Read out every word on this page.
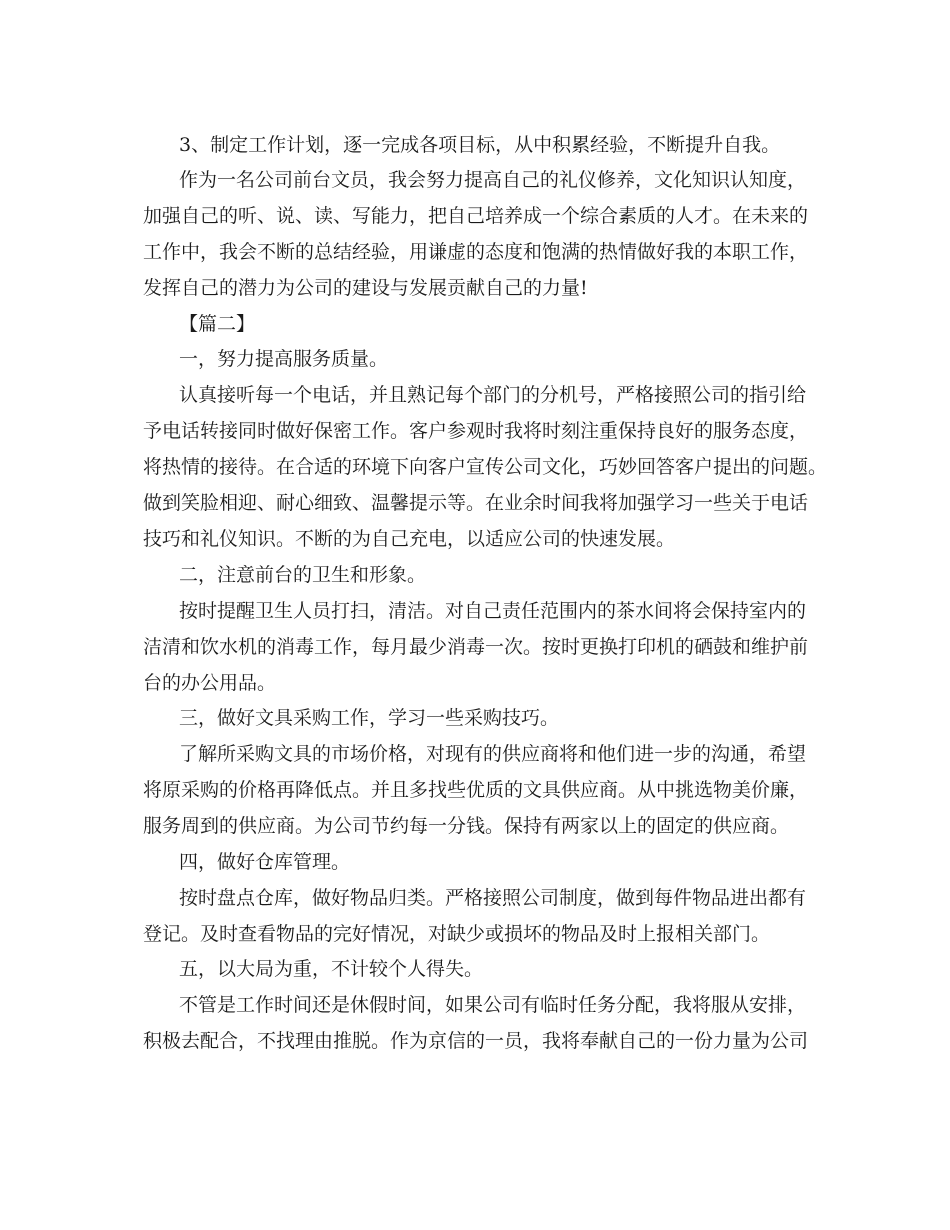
3、制定工作计划，逐一完成各项目标，从中积累经验，不断提升自我。
作为一名公司前台文员，我会努力提高自己的礼仪修养，文化知识认知度，
加强自己的听、说、读、写能力，把自己培养成一个综合素质的人才。在未来的
工作中，我会不断的总结经验，用谦虚的态度和饱满的热情做好我的本职工作，
发挥自己的潜力为公司的建设与发展贡献自己的力量!
【篇二】
一，努力提高服务质量。
认真接听每一个电话，并且熟记每个部门的分机号，严格接照公司的指引给
予电话转接同时做好保密工作。客户参观时我将时刻注重保持良好的服务态度，
将热情的接待。在合适的环境下向客户宣传公司文化，巧妙回答客户提出的问题。
做到笑脸相迎、耐心细致、温馨提示等。在业余时间我将加强学习一些关于电话
技巧和礼仪知识。不断的为自己充电，以适应公司的快速发展。
二，注意前台的卫生和形象。
按时提醒卫生人员打扫，清洁。对自己责任范围内的茶水间将会保持室内的
洁清和饮水机的消毒工作，每月最少消毒一次。按时更换打印机的硒鼓和维护前
台的办公用品。
三，做好文具采购工作，学习一些采购技巧。
了解所采购文具的市场价格，对现有的供应商将和他们进一步的沟通，希望
将原采购的价格再降低点。并且多找些优质的文具供应商。从中挑选物美价廉，
服务周到的供应商。为公司节约每一分钱。保持有两家以上的固定的供应商。
四，做好仓库管理。
按时盘点仓库，做好物品归类。严格接照公司制度，做到每件物品进出都有
登记。及时查看物品的完好情况，对缺少或损坏的物品及时上报相关部门。
五，以大局为重，不计较个人得失。
不管是工作时间还是休假时间，如果公司有临时任务分配，我将服从安排，
积极去配合，不找理由推脱。作为京信的一员，我将奉献自己的一份力量为公司
